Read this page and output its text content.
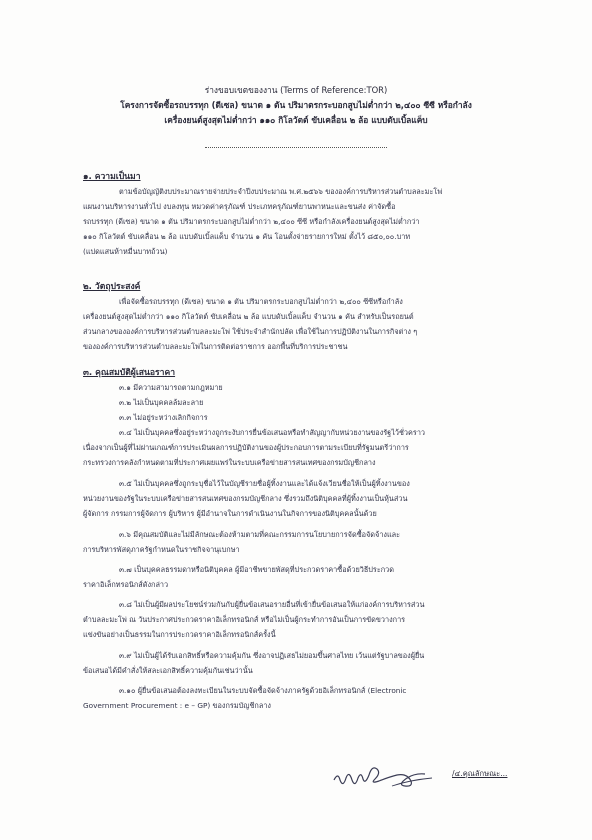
ร่างขอบเขตของงาน (Terms of Reference:TOR)
โครงการจัดซื้อรถบรรทุก (ดีเซล) ขนาด ๑ ตัน ปริมาตรกระบอกสูบไม่ต่ำกว่า ๒,๔๐๐ ซีซี หรือกำลัง
เครื่องยนต์สูงสุดไม่ต่ำกว่า ๑๑๐ กิโลวัตต์ ขับเคลื่อน ๒ ล้อ แบบดับเบิ้ลแค็บ
๑. ความเป็นมา
ตามข้อบัญญัติงบประมาณรายจ่ายประจำปีงบประมาณ พ.ศ.๒๕๖๖ ขององค์การบริหารส่วนตำบลละมะโพ่
แผนงานบริหารงานทั่วไป งบลงทุน หมวดค่าครุภัณฑ์ ประเภทครุภัณฑ์ยานพาหนะและขนส่ง ค่าจัดซื้อ
รถบรรทุก (ดีเซล) ขนาด ๑ ตัน ปริมาตรกระบอกสูบไม่ต่ำกว่า ๒,๔๐๐ ซีซี หรือกำลังเครื่องยนต์สูงสุดไม่ต่ำกว่า
๑๑๐ กิโลวัตต์ ขับเคลื่อน ๒ ล้อ แบบดับเบิ้ลแค็บ จำนวน ๑ คัน โอนตั้งจ่ายรายการใหม่ ตั้งไว้ ๘๕๐,๐๐.บาท
(แปดแสนห้าหมื่นบาทถ้วน)
๒. วัตถุประสงค์
เพื่อจัดซื้อรถบรรทุก (ดีเซล) ขนาด ๑ ตัน ปริมาตรกระบอกสูบไม่ต่ำกว่า ๒,๔๐๐ ซีซีหรือกำลัง
เครื่องยนต์สูงสุดไม่ต่ำกว่า ๑๑๐ กิโลวัตต์ ขับเคลื่อน ๒ ล้อ แบบดับเบิ้ลแค็บ จำนวน ๑ คัน สำหรับเป็นรถยนต์
ส่วนกลางขององค์การบริหารส่วนตำบลละมะโพ่ ใช้ประจำสำนักปลัด เพื่อใช้ในการปฏิบัติงานในภารกิจต่าง ๆ
ขององค์การบริหารส่วนตำบลละมะโพ่ในการติดต่อราชการ ออกพื้นที่บริการประชาชน
๓. คุณสมบัติผู้เสนอราคา
๓.๑ มีความสามารถตามกฎหมาย
๓.๒ ไม่เป็นบุคคลล้มละลาย
๓.๓ ไม่อยู่ระหว่างเลิกกิจการ
๓.๔ ไม่เป็นบุคคลซึ่งอยู่ระหว่างถูกระงับการยื่นข้อเสนอหรือทำสัญญากับหน่วยงานของรัฐไว้ชั่วคราว
เนื่องจากเป็นผู้ที่ไม่ผ่านเกณฑ์การประเมินผลการปฏิบัติงานของผู้ประกอบการตามระเบียบที่รัฐมนตรีว่าการ
กระทรวงการคลังกำหนดตามที่ประกาศเผยแพร่ในระบบเครือข่ายสารสนเทศของกรมบัญชีกลาง
๓.๕ ไม่เป็นบุคคลซึ่งถูกระบุชื่อไว้ในบัญชีรายชื่อผู้ทิ้งงานและได้แจ้งเวียนชื่อให้เป็นผู้ทิ้งงานของ
หน่วยงานของรัฐในระบบเครือข่ายสารสนเทศของกรมบัญชีกลาง ซึ่งรวมถึงนิติบุคคลที่ผู้ทิ้งงานเป็นหุ้นส่วน
ผู้จัดการ กรรมการผู้จัดการ ผู้บริหาร ผู้มีอำนาจในการดำเนินงานในกิจการของนิติบุคคลนั้นด้วย
๓.๖ มีคุณสมบัติและไม่มีลักษณะต้องห้ามตามที่คณะกรรมการนโยบายการจัดซื้อจัดจ้างและ
การบริหารพัสดุภาครัฐกำหนดในราชกิจจานุเบกษา
๓.๗ เป็นบุคคลธรรมดาหรือนิติบุคคล ผู้มีอาชีพขายพัสดุที่ประกวดราคาซื้อด้วยวิธีประกวด
ราคาอิเล็กทรอนิกส์ดังกล่าว
๓.๘ ไม่เป็นผู้มีผลประโยชน์ร่วมกันกับผู้ยื่นข้อเสนอรายอื่นที่เข้ายื่นข้อเสนอให้แก่องค์การบริหารส่วน
ตำบลละมะโพ่ ณ วันประกาศประกวดราคาอิเล็กทรอนิกส์ หรือไม่เป็นผู้กระทำการอันเป็นการขัดขวางการ
แข่งขันอย่างเป็นธรรมในการประกวดราคาอิเล็กทรอนิกส์ครั้งนี้
๓.๙ ไม่เป็นผู้ได้รับเอกสิทธิ์หรือความคุ้มกัน ซึ่งอาจปฏิเสธไม่ยอมขึ้นศาลไทย เว้นแต่รัฐบาลของผู้ยื่น
ข้อเสนอได้มีคำสั่งให้สละเอกสิทธิ์ความคุ้มกันเช่นว่านั้น
๓.๑๐ ผู้ยื่นข้อเสนอต้องลงทะเบียนในระบบจัดซื้อจัดจ้างภาครัฐด้วยอิเล็กทรอนิกส์ (Electronic
Government Procurement : e – GP) ของกรมบัญชีกลาง
/๔.คุณลักษณะ...
